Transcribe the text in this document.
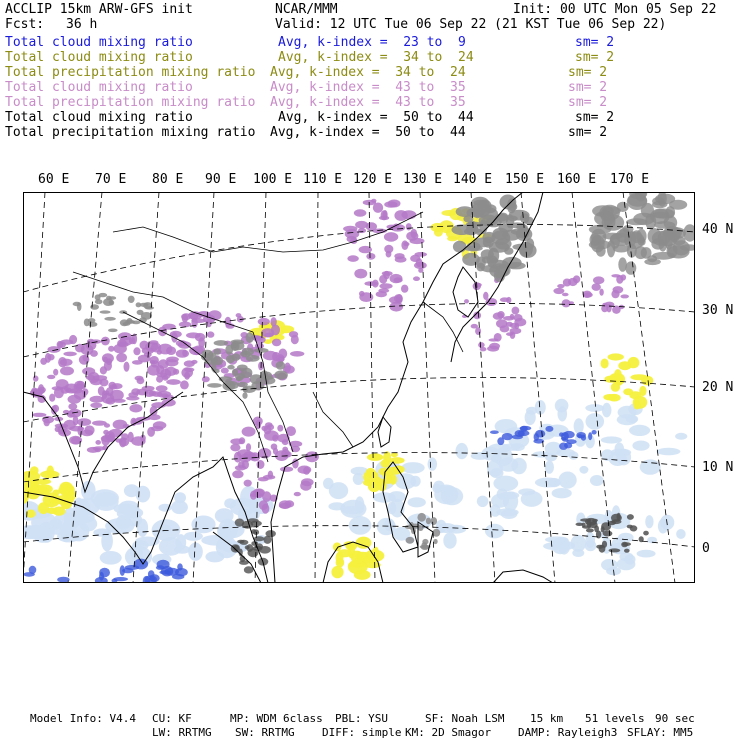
ACCLIP 15km ARW-GFS init	NCAR/MMM	Init: 00 UTC Mon 05 Sep 22
Fcst: 36 h	Valid: 12 UTC Tue 06 Sep 22 (21 KST Tue 06 Sep 22)
Total cloud mixing ratio	Avg, k-index =  23 to  9	sm= 2
Total cloud mixing ratio	Avg, k-index =  34 to  24	sm= 2
Total precipitation mixing ratio Avg, k-index =  34 to  24	sm= 2
Total cloud mixing ratio	Avg, k-index =  43 to  35	sm= 2
Total precipitation mixing ratio Avg, k-index =  43 to  35	sm= 2
Total cloud mixing ratio	Avg, k-index =  50 to  44	sm= 2
Total precipitation mixing ratio Avg, k-index =  50 to  44	sm= 2
60 E 70 E 80 E 90 E 100 E 110 E 120 E 130 E 140 E 150 E 160 E 170 E
40 N
30 N
20 N
10 N
0
Model Info: V4.4 CU: KF	MP: WDM 6class PBL: YSU	SF: Noah LSM 15 km 51 levels 90 sec
LW: RRTMG SW: RRTMG DIFF: simple KM: 2D Smagor DAMP: Rayleigh3 SFLAY: MM5
